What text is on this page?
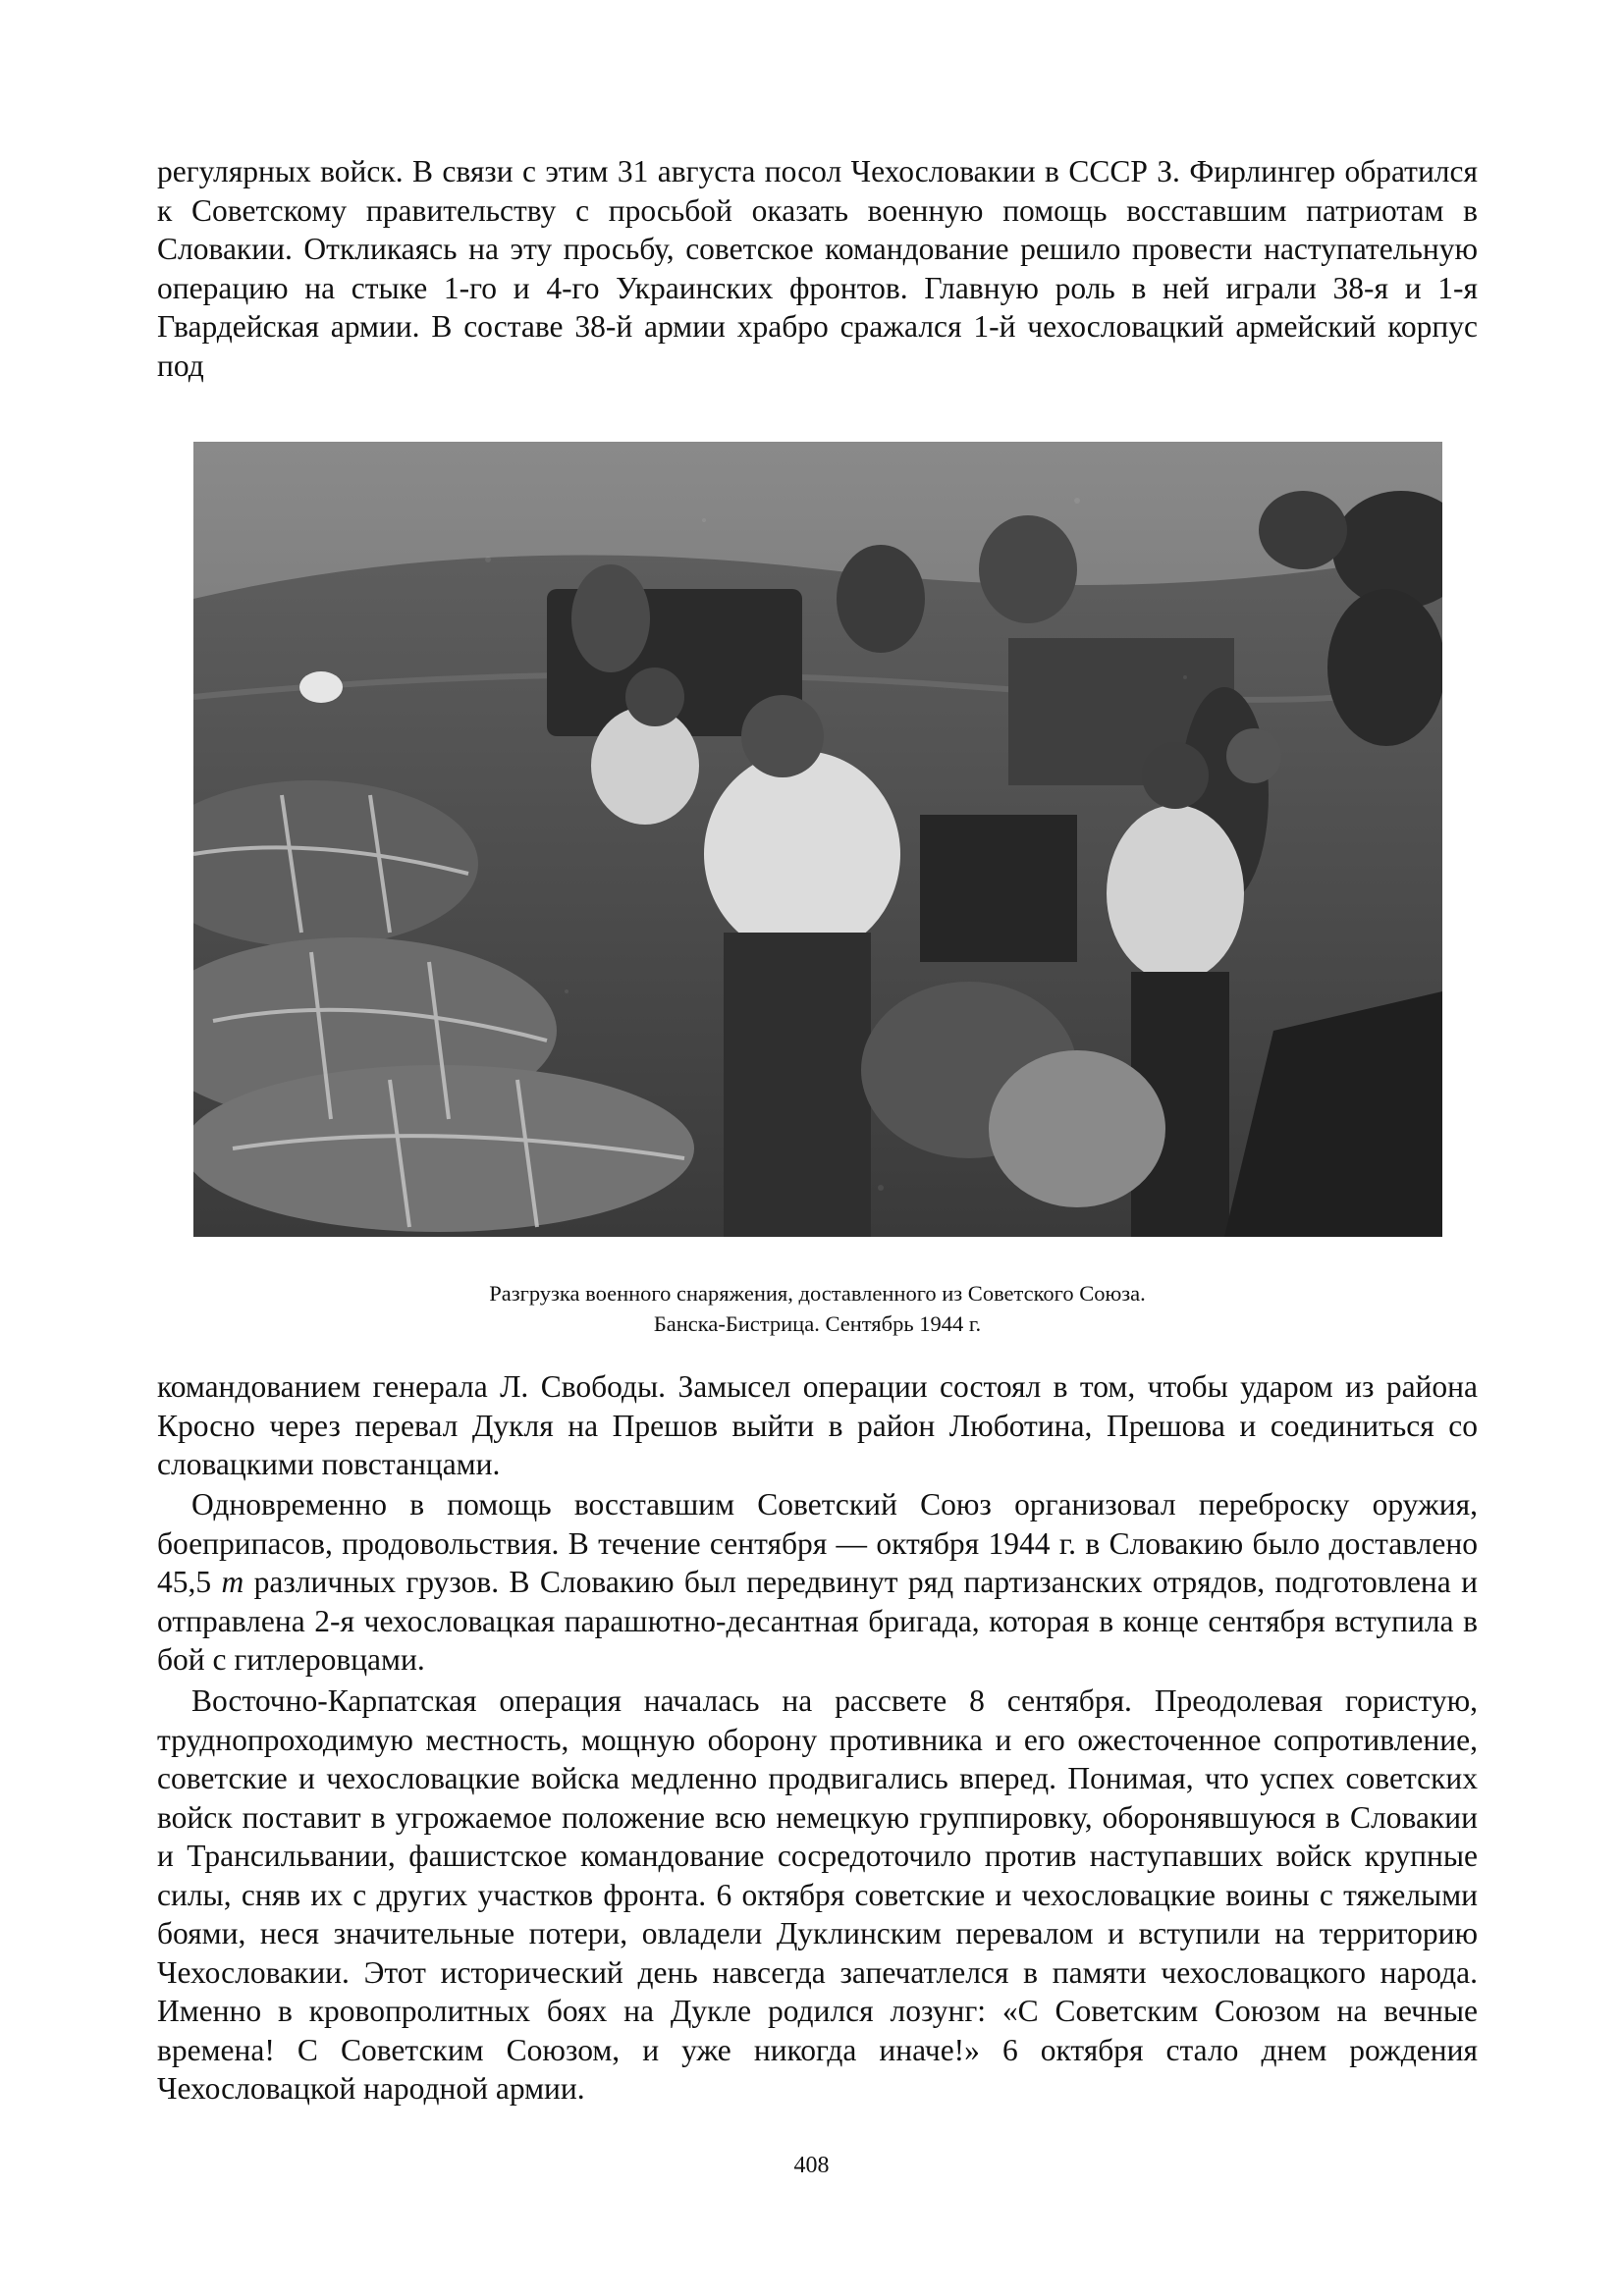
регулярных войск. В связи с этим 31 августа посол Чехословакии в СССР З. Фирлингер обратился к Советскому правительству с просьбой оказать военную помощь восставшим патриотам в Словакии. Откликаясь на эту просьбу, советское командование решило провести наступательную операцию на стыке 1-го и 4-го Украинских фронтов. Главную роль в ней играли 38-я и 1-я Гвардейская армии. В составе 38-й армии храбро сражался 1-й чехословацкий армейский корпус под

Разгрузка военного снаряжения, доставленного из Советского Союза.
Банска-Бистрица. Сентябрь 1944 г.

командованием генерала Л. Свободы. Замысел операции состоял в том, чтобы ударом из района Кросно через перевал Дукля на Прешов выйти в район Люботина, Прешова и соединиться со словацкими повстанцами.

Одновременно в помощь восставшим Советский Союз организовал переброску оружия, боеприпасов, продовольствия. В течение сентября — октября 1944 г. в Словакию было доставлено 45,5 т различных грузов. В Словакию был передвинут ряд партизанских отрядов, подготовлена и отправлена 2-я чехословацкая парашютно-десантная бригада, которая в конце сентября вступила в бой с гитлеровцами.

Восточно-Карпатская операция началась на рассвете 8 сентября. Преодолевая гористую, труднопроходимую местность, мощную оборону противника и его ожесточенное сопротивление, советские и чехословацкие войска медленно продвигались вперед. Понимая, что успех советских войск поставит в угрожаемое положение всю немецкую группировку, оборонявшуюся в Словакии и Трансильвании, фашистское командование сосредоточило против наступавших войск крупные силы, сняв их с других участков фронта. 6 октября советские и чехословацкие воины с тяжелыми боями, неся значительные потери, овладели Дуклинским перевалом и вступили на территорию Чехословакии. Этот исторический день навсегда запечатлелся в памяти чехословацкого народа. Именно в кровопролитных боях на Дукле родился лозунг: «С Советским Союзом на вечные времена! С Советским Союзом, и уже никогда иначе!» 6 октября стало днем рождения Чехословацкой народной армии.

408
